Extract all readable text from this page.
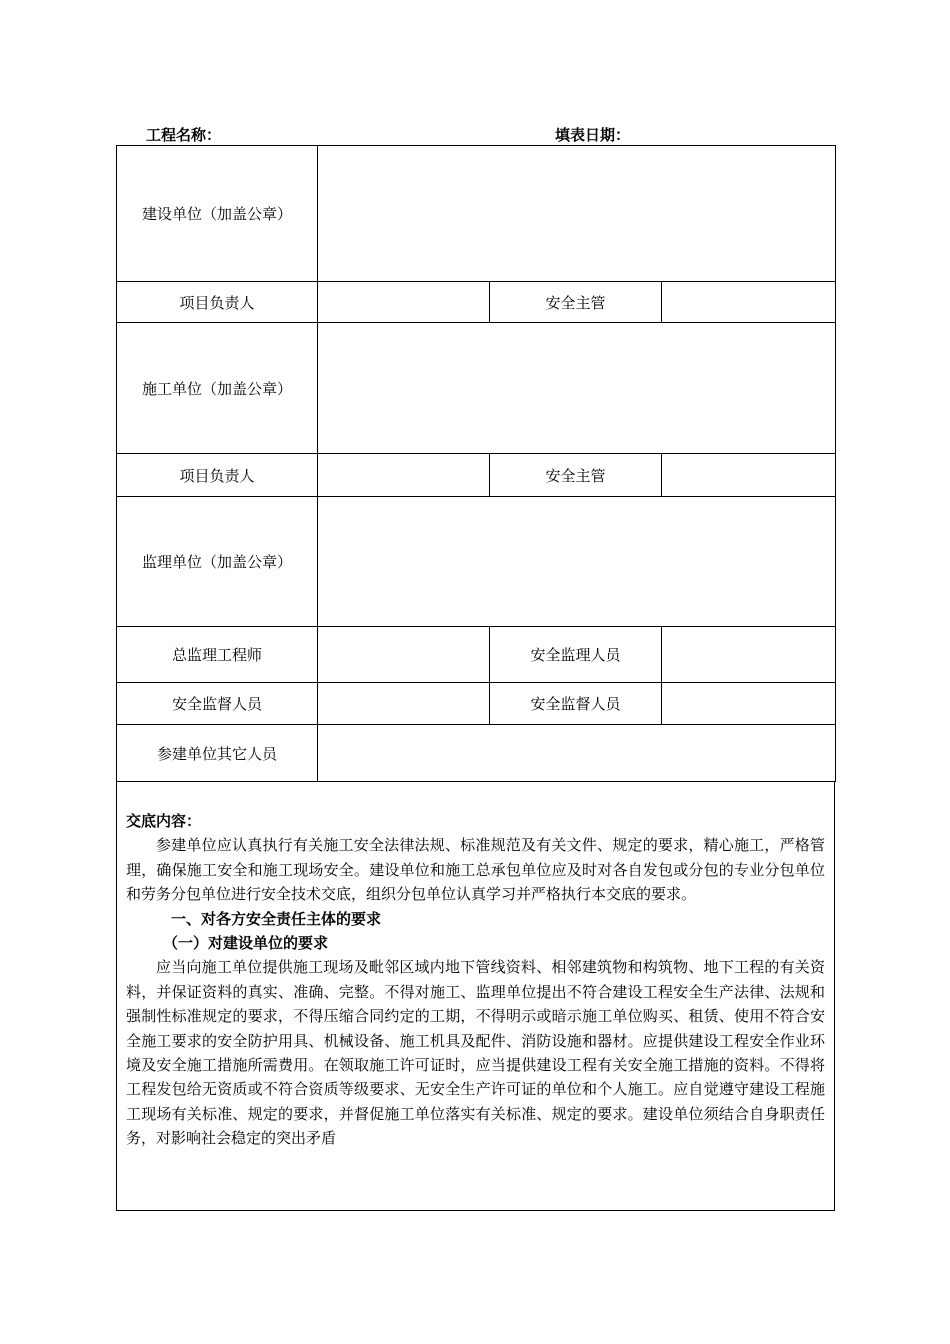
工程名称：	填表日期：
建设单位（加盖公章）			
项目负责人		安全主管	
施工单位（加盖公章）			
项目负责人		安全主管	
监理单位（加盖公章）			
总监理工程师		安全监理人员	
安全监督人员		安全监督人员	
参建单位其它人员			
交底内容：

参建单位应认真执行有关施工安全法律法规、标准规范及有关文件、规定的要求，精心施工，严格管理，确保施工安全和施工现场安全。建设单位和施工总承包单位应及时对各自发包或分包的专业分包单位和劳务分包单位进行安全技术交底，组织分包单位认真学习并严格执行本交底的要求。

一、对各方安全责任主体的要求
（一）对建设单位的要求

应当向施工单位提供施工现场及毗邻区域内地下管线资料、相邻建筑物和构筑物、地下工程的有关资料，并保证资料的真实、准确、完整。不得对施工、监理单位提出不符合建设工程安全生产法律、法规和强制性标准规定的要求，不得压缩合同约定的工期，不得明示或暗示施工单位购买、租赁、使用不符合安全施工要求的安全防护用具、机械设备、施工机具及配件、消防设施和器材。应提供建设工程安全作业环境及安全施工措施所需费用。在领取施工许可证时，应当提供建设工程有关安全施工措施的资料。不得将工程发包给无资质或不符合资质等级要求、无安全生产许可证的单位和个人施工。应自觉遵守建设工程施工现场有关标准、规定的要求，并督促施工单位落实有关标准、规定的要求。建设单位须结合自身职责任务，对影响社会稳定的突出矛盾
